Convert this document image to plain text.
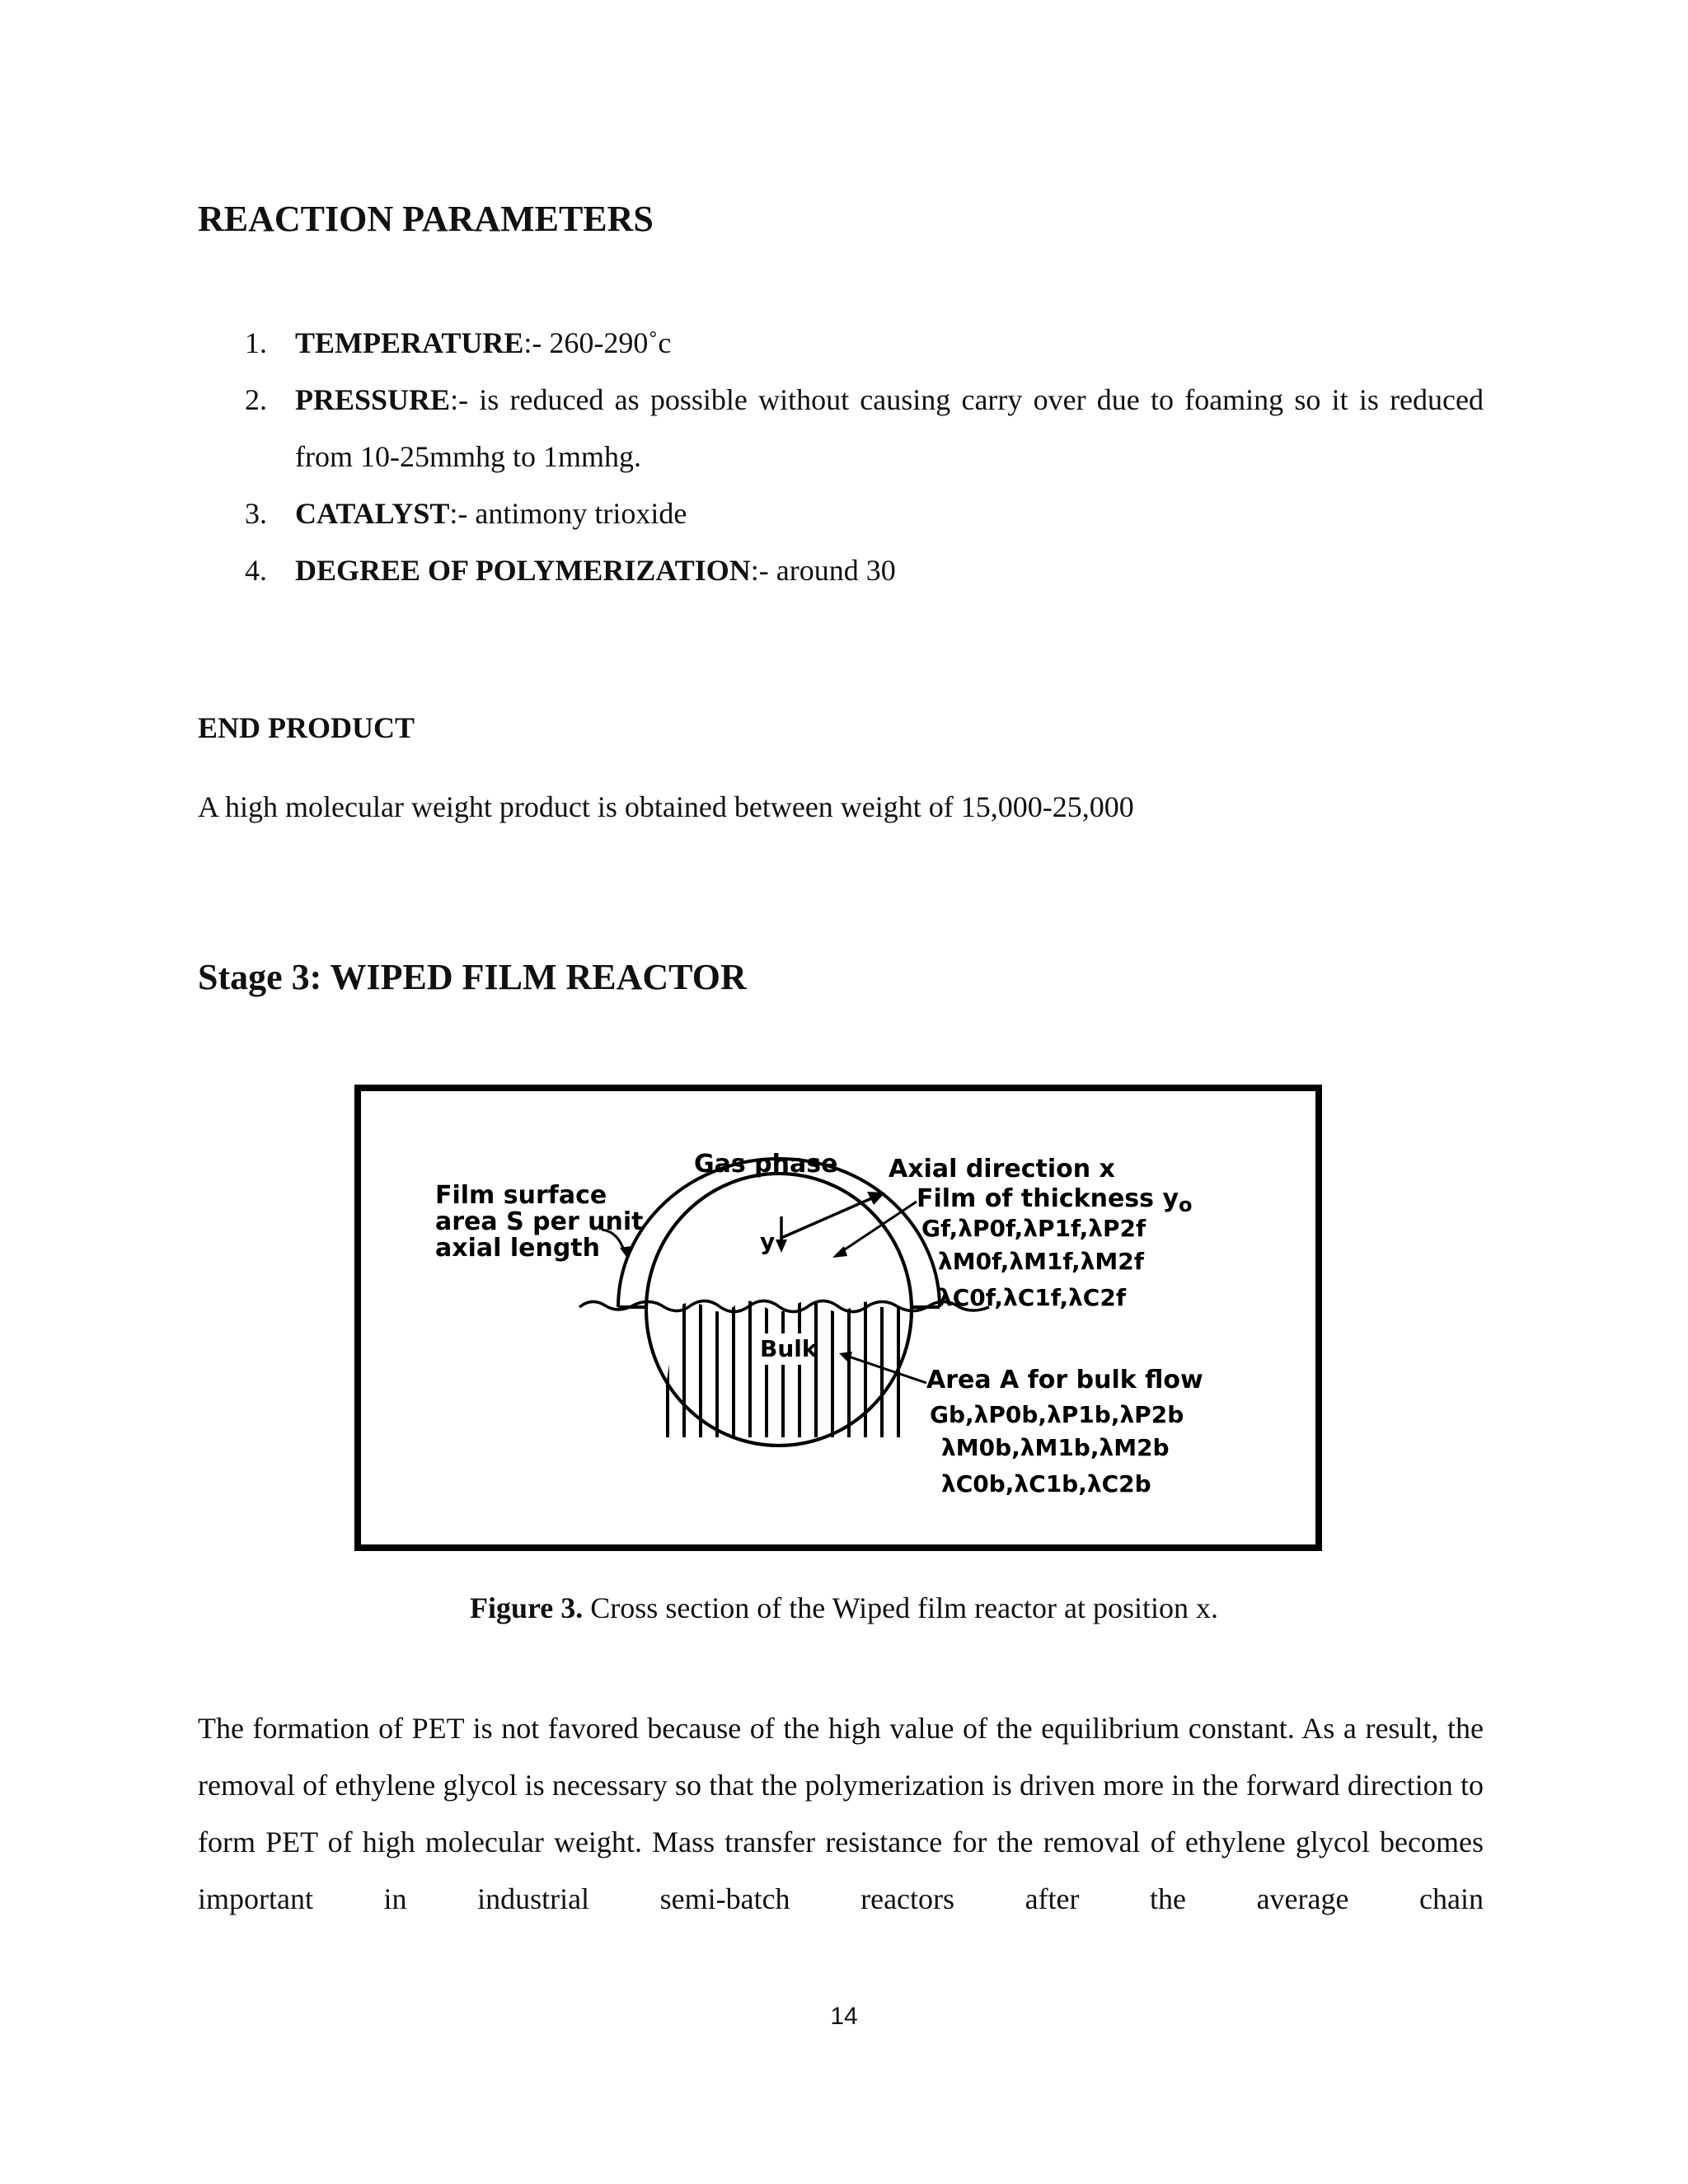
REACTION PARAMETERS
1. TEMPERATURE:- 260-290˚c
2. PRESSURE:- is reduced as possible without causing carry over due to foaming so it is reduced from 10-25mmhg to 1mmhg.
3. CATALYST:- antimony trioxide
4. DEGREE OF POLYMERIZATION:- around 30
END PRODUCT

A high molecular weight product is obtained between weight of 15,000-25,000

Stage 3: WIPED FILM REACTOR
Bulk
y
Gas phase Axial direction x
Film surface
area S per unit
axial length
Film of thickness $y_o$
Gf,λP0f,λP1f,λP2f
λM0f,λM1f,λM2f
λC0f,λC1f,λC2f
Area A for bulk flow
Gb,λP0b,λP1b,λP2b
λM0b,λM1b,λM2b
λC0b,λC1b,λC2b

Figure 3. Cross section of the Wiped film reactor at position x.

The formation of PET is not favored because of the high value of the equilibrium constant. As a result, the removal of ethylene glycol is necessary so that the polymerization is driven more in the forward direction to form PET of high molecular weight. Mass transfer resistance for the removal of ethylene glycol becomes important in industrial semi-batch reactors after the average chain

14
